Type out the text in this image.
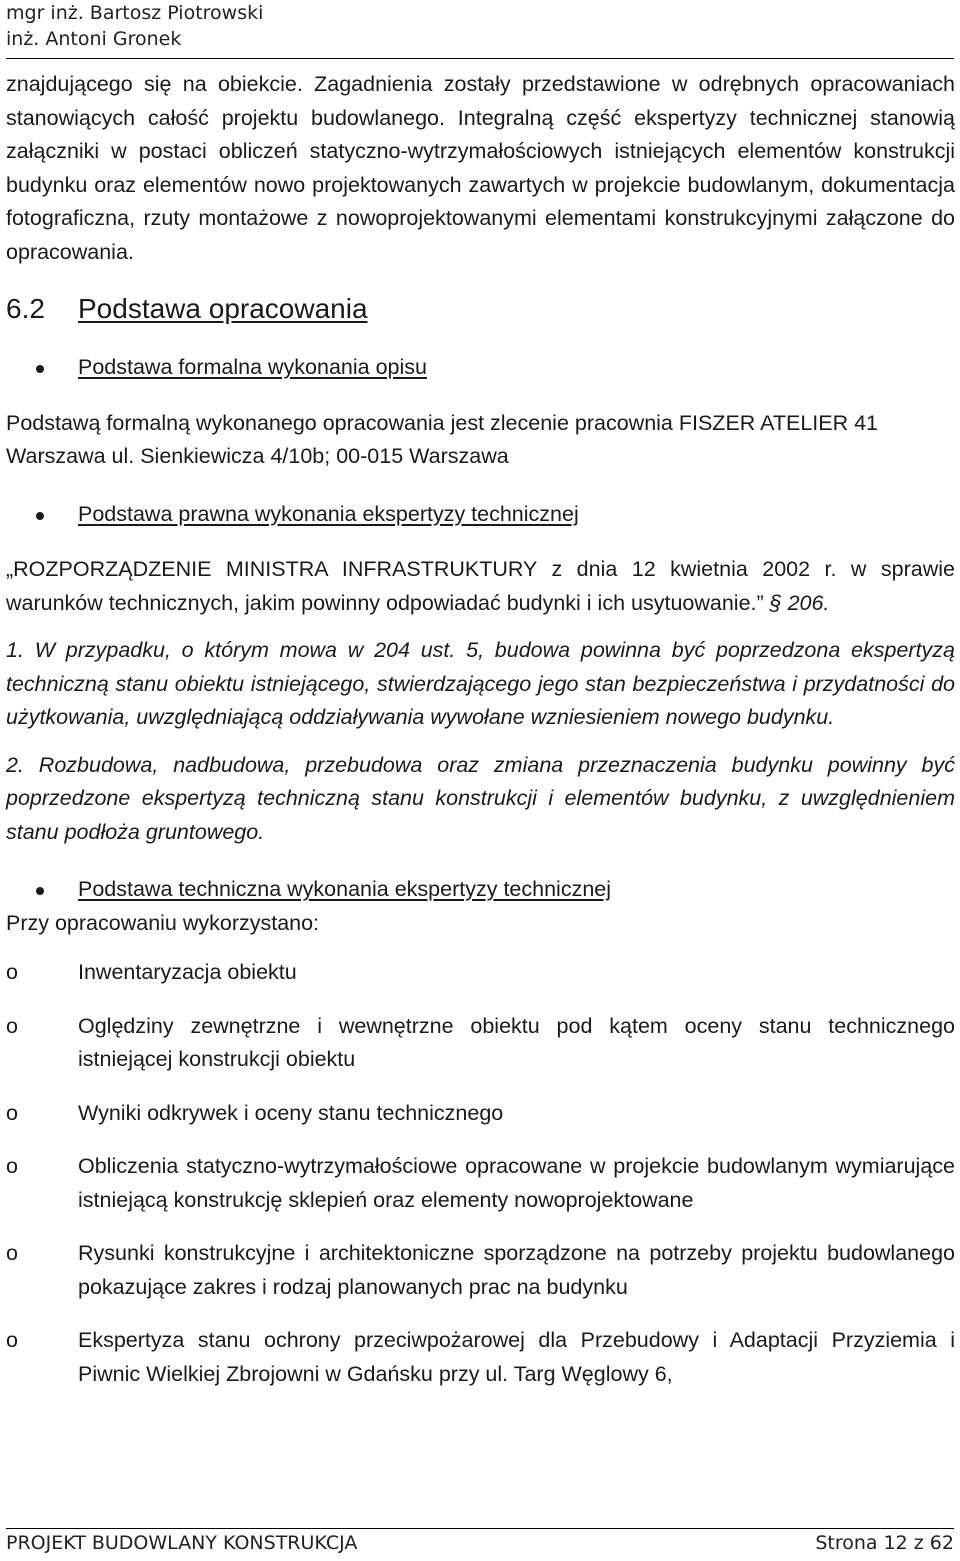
mgr inż. Bartosz Piotrowski
inż. Antoni Gronek

znajdującego się na obiekcie. Zagadnienia zostały przedstawione w odrębnych opracowaniach stanowiących całość projektu budowlanego. Integralną część ekspertyzy technicznej stanowią załączniki w postaci obliczeń statyczno-wytrzymałościowych istniejących elementów konstrukcji budynku oraz elementów nowo projektowanych zawartych w projekcie budowlanym, dokumentacja fotograficzna, rzuty montażowe z nowoprojektowanymi elementami konstrukcyjnymi załączone do opracowania.

6.2 Podstawa opracowania

Podstawa formalna wykonania opisu

Podstawą formalną wykonanego opracowania jest zlecenie pracownia FISZER ATELIER 41 Warszawa ul. Sienkiewicza 4/10b; 00-015 Warszawa

Podstawa prawna wykonania ekspertyzy technicznej

„ROZPORZĄDZENIE MINISTRA INFRASTRUKTURY z dnia 12 kwietnia 2002 r. w sprawie warunków technicznych, jakim powinny odpowiadać budynki i ich usytuowanie.” § 206.

1. W przypadku, o którym mowa w 204 ust. 5, budowa powinna być poprzedzona ekspertyzą techniczną stanu obiektu istniejącego, stwierdzającego jego stan bezpieczeństwa i przydatności do użytkowania, uwzględniającą oddziaływania wywołane wzniesieniem nowego budynku.

2. Rozbudowa, nadbudowa, przebudowa oraz zmiana przeznaczenia budynku powinny być poprzedzone ekspertyzą techniczną stanu konstrukcji i elementów budynku, z uwzględnieniem stanu podłoża gruntowego.

Podstawa techniczna wykonania ekspertyzy technicznej

Przy opracowaniu wykorzystano:

o	Inwentaryzacja obiektu
o	Oględziny zewnętrzne i wewnętrzne obiektu pod kątem oceny stanu technicznego istniejącej konstrukcji obiektu
o	Wyniki odkrywek i oceny stanu technicznego
o	Obliczenia statyczno-wytrzymałościowe opracowane w projekcie budowlanym wymiarujące istniejącą konstrukcję sklepień oraz elementy nowoprojektowane
o	Rysunki konstrukcyjne i architektoniczne sporządzone na potrzeby projektu budowlanego pokazujące zakres i rodzaj planowanych prac na budynku
o	Ekspertyza stanu ochrony przeciwpożarowej dla Przebudowy i Adaptacji Przyziemia i Piwnic Wielkiej Zbrojowni w Gdańsku przy ul. Targ Węglowy 6,
PROJEKT BUDOWLANY KONSTRUKCJA	Strona 12 z 62
